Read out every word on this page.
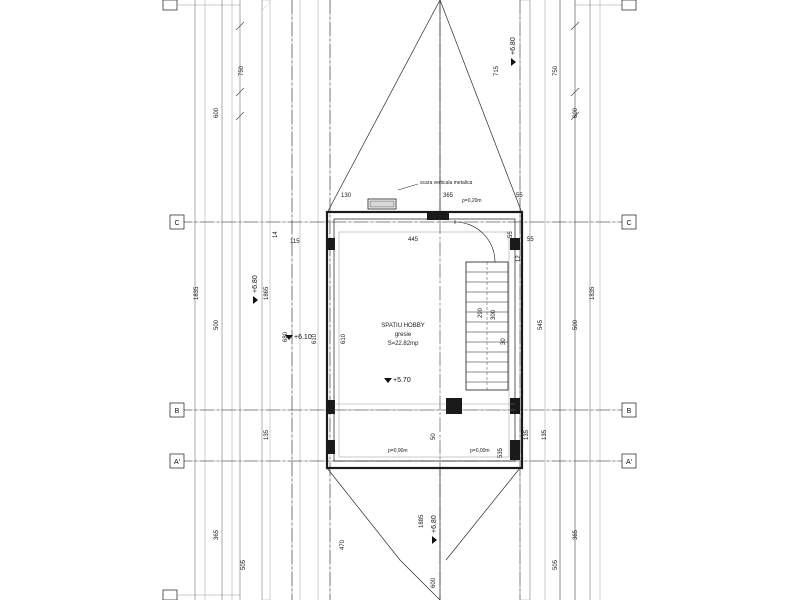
+6.80
+6.80
+6.10
+5.70
+6.80
SPATIU HOBBY
gresie
S=22.82mp
scara verticala metalica
p=0,20m
p=0,90m	p=0,00m
C	C
B	B
A'	A'
750
600
1835
500
365
505
750
600
1835
500
365
505
1865
680
135
610	610
715
545
135 135
130	365	55
115	445	55
14	55
12
290 300
30
470
1885
600
50
535
